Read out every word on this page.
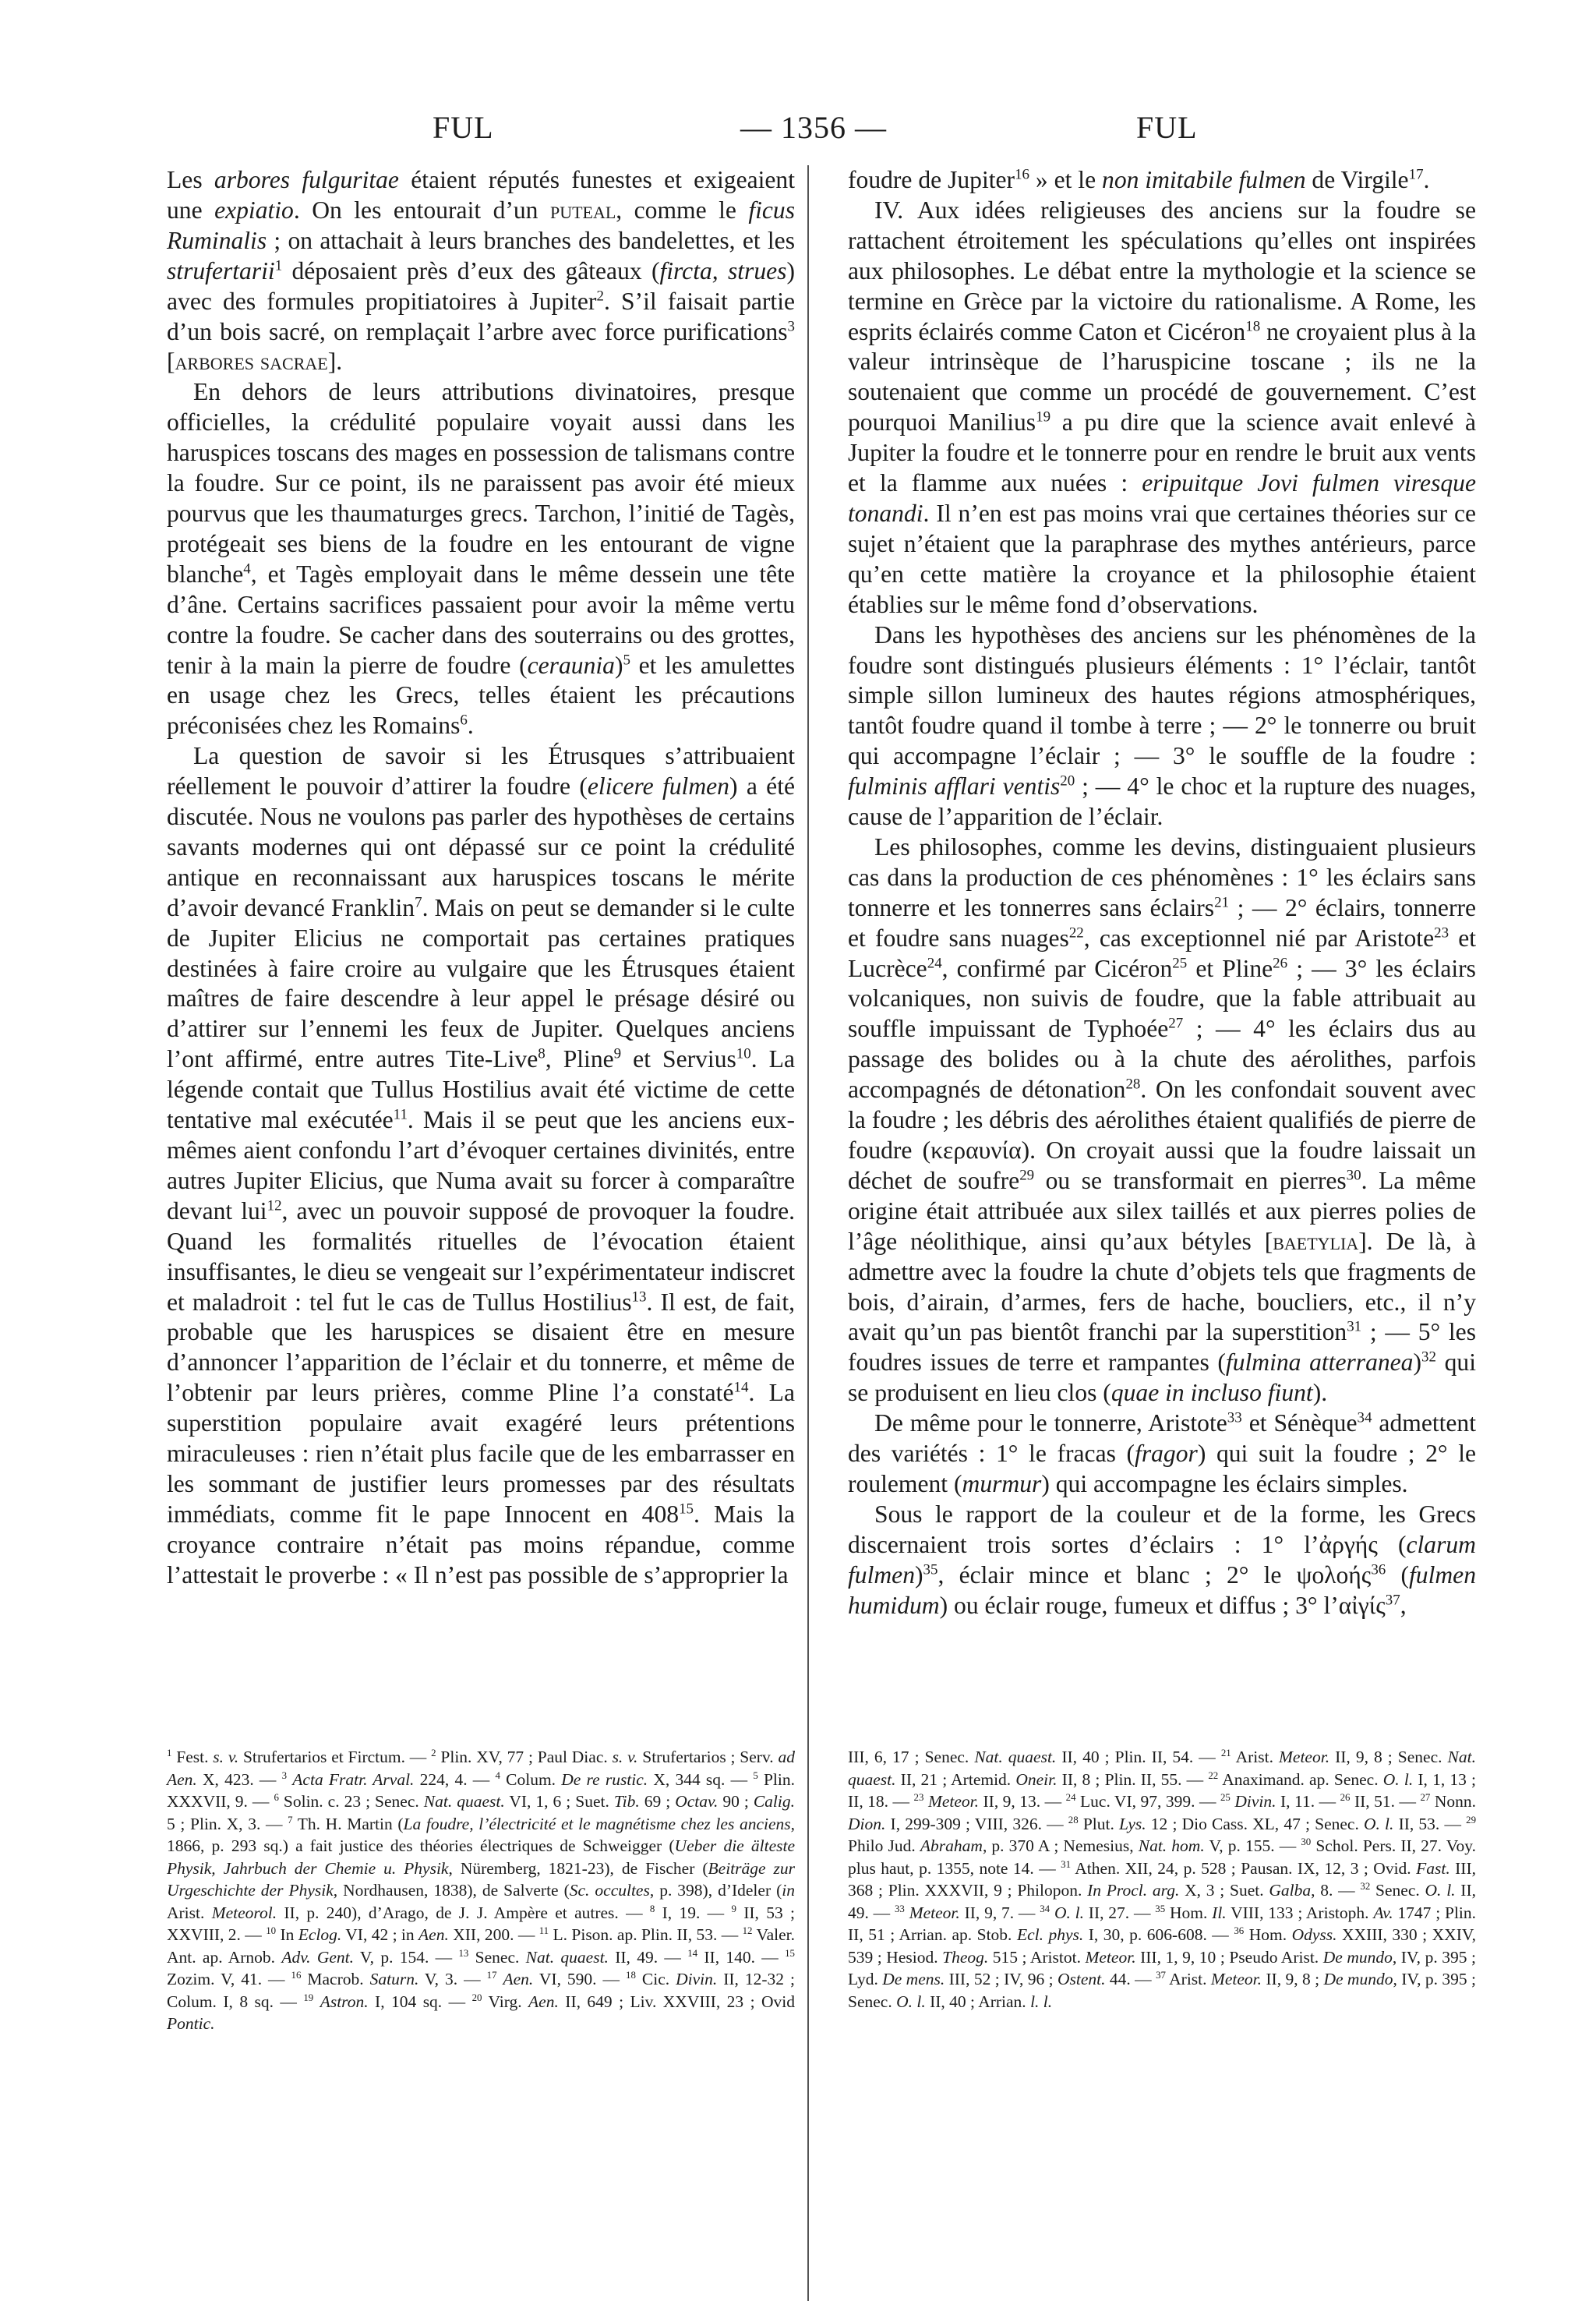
FUL	— 1356 —	FUL

Les arbores fulguritae étaient réputés funestes et exigeaient une expiatio. On les entourait d’un puteal, comme le ficus Ruminalis ; on attachait à leurs branches des bandelettes, et les strufertarii$^1$ déposaient près d’eux des gâteaux (fircta, strues) avec des formules propitiatoires à Jupiter$^2$. S’il faisait partie d’un bois sacré, on remplaçait l’arbre avec force purifications$^3$ [arbores sacrae].

En dehors de leurs attributions divinatoires, presque officielles, la crédulité populaire voyait aussi dans les haruspices toscans des mages en possession de talismans contre la foudre. Sur ce point, ils ne paraissent pas avoir été mieux pourvus que les thaumaturges grecs. Tarchon, l’initié de Tagès, protégeait ses biens de la foudre en les entourant de vigne blanche$^4$, et Tagès employait dans le même dessein une tête d’âne. Certains sacrifices passaient pour avoir la même vertu contre la foudre. Se cacher dans des souterrains ou des grottes, tenir à la main la pierre de foudre (ceraunia)$^5$ et les amulettes en usage chez les Grecs, telles étaient les précautions préconisées chez les Romains$^6$.

La question de savoir si les Étrusques s’attribuaient réellement le pouvoir d’attirer la foudre (elicere fulmen) a été discutée. Nous ne voulons pas parler des hypothèses de certains savants modernes qui ont dépassé sur ce point la crédulité antique en reconnaissant aux haruspices toscans le mérite d’avoir devancé Franklin$^7$. Mais on peut se demander si le culte de Jupiter Elicius ne comportait pas certaines pratiques destinées à faire croire au vulgaire que les Étrusques étaient maîtres de faire descendre à leur appel le présage désiré ou d’attirer sur l’ennemi les feux de Jupiter. Quelques anciens l’ont affirmé, entre autres Tite-Live$^8$, Pline$^9$ et Servius$^{10}$. La légende contait que Tullus Hostilius avait été victime de cette tentative mal exécutée$^{11}$. Mais il se peut que les anciens eux-mêmes aient confondu l’art d’évoquer certaines divinités, entre autres Jupiter Elicius, que Numa avait su forcer à comparaître devant lui$^{12}$, avec un pouvoir supposé de provoquer la foudre. Quand les formalités rituelles de l’évocation étaient insuffisantes, le dieu se vengeait sur l’expérimentateur indiscret et maladroit : tel fut le cas de Tullus Hostilius$^{13}$. Il est, de fait, probable que les haruspices se disaient être en mesure d’annoncer l’apparition de l’éclair et du tonnerre, et même de l’obtenir par leurs prières, comme Pline l’a constaté$^{14}$. La superstition populaire avait exagéré leurs prétentions miraculeuses : rien n’était plus facile que de les embarrasser en les sommant de justifier leurs promesses par des résultats immédiats, comme fit le pape Innocent en $408^{15}$. Mais la croyance contraire n’était pas moins répandue, comme l’attestait le proverbe : « Il n’est pas possible de s’approprier la

foudre de Jupiter$^{16}$ » et le non imitabile fulmen de Virgile$^{17}$.

IV. Aux idées religieuses des anciens sur la foudre se rattachent étroitement les spéculations qu’elles ont inspirées aux philosophes. Le débat entre la mythologie et la science se termine en Grèce par la victoire du rationalisme. A Rome, les esprits éclairés comme Caton et Cicéron$^{18}$ ne croyaient plus à la valeur intrinsèque de l’haruspicine toscane ; ils ne la soutenaient que comme un procédé de gouvernement. C’est pourquoi Manilius$^{19}$ a pu dire que la science avait enlevé à Jupiter la foudre et le tonnerre pour en rendre le bruit aux vents et la flamme aux nuées : eripuitque Jovi fulmen viresque tonandi. Il n’en est pas moins vrai que certaines théories sur ce sujet n’étaient que la paraphrase des mythes antérieurs, parce qu’en cette matière la croyance et la philosophie étaient établies sur le même fond d’observations.

Dans les hypothèses des anciens sur les phénomènes de la foudre sont distingués plusieurs éléments : 1° l’éclair, tantôt simple sillon lumineux des hautes régions atmosphériques, tantôt foudre quand il tombe à terre ; — 2° le tonnerre ou bruit qui accompagne l’éclair ; — 3° le souffle de la foudre : fulminis afflari ventis$^{20}$ ; — 4° le choc et la rupture des nuages, cause de l’apparition de l’éclair.

Les philosophes, comme les devins, distinguaient plusieurs cas dans la production de ces phénomènes : 1° les éclairs sans tonnerre et les tonnerres sans éclairs$^{21}$ ; — 2° éclairs, tonnerre et foudre sans nuages$^{22}$, cas exceptionnel nié par Aristote$^{23}$ et Lucrèce$^{24}$, confirmé par Cicéron$^{25}$ et Pline$^{26}$ ; — 3° les éclairs volcaniques, non suivis de foudre, que la fable attribuait au souffle impuissant de Typhoée$^{27}$ ; — 4° les éclairs dus au passage des bolides ou à la chute des aérolithes, parfois accompagnés de détonation$^{28}$. On les confondait souvent avec la foudre ; les débris des aérolithes étaient qualifiés de pierre de foudre (κεραυνία). On croyait aussi que la foudre laissait un déchet de soufre$^{29}$ ou se transformait en pierres$^{30}$. La même origine était attribuée aux silex taillés et aux pierres polies de l’âge néolithique, ainsi qu’aux bétyles [baetylia]. De là, à admettre avec la foudre la chute d’objets tels que fragments de bois, d’airain, d’armes, fers de hache, boucliers, etc., il n’y avait qu’un pas bientôt franchi par la superstition$^{31}$ ; — 5° les foudres issues de terre et rampantes (fulmina atterranea)$^{32}$ qui se produisent en lieu clos (quae in incluso fiunt).

De même pour le tonnerre, Aristote$^{33}$ et Sénèque$^{34}$ admettent des variétés : 1° le fracas (fragor) qui suit la foudre ; 2° le roulement (murmur) qui accompagne les éclairs simples.

Sous le rapport de la couleur et de la forme, les Grecs discernaient trois sortes d’éclairs : 1° l’ἀργής (clarum fulmen)$^{35}$, éclair mince et blanc ; 2° le ψολοής$^{36}$ (fulmen humidum) ou éclair rouge, fumeux et diffus ; 3° l’αἰγίς$^{37}$,

$^1$ Fest. s. v. Strufertarios et Firctum. — $^2$ Plin. XV, 77 ; Paul Diac. s. v. Strufertarios ; Serv. ad Aen. X, 423. — $^3$ Acta Fratr. Arval. 224, 4. — $^4$ Colum. De re rustic. X, 344 sq. — $^5$ Plin. XXXVII, 9. — $^6$ Solin. c. 23 ; Senec. Nat. quaest. VI, 1, 6 ; Suet. Tib. 69 ; Octav. 90 ; Calig. 5 ; Plin. X, 3. — $^7$ Th. H. Martin (La foudre, l’électricité et le magnétisme chez les anciens, 1866, p. 293 sq.) a fait justice des théories électriques de Schweigger (Ueber die älteste Physik, Jahrbuch der Chemie u. Physik, Nüremberg, 1821-23), de Fischer (Beiträge zur Urgeschichte der Physik, Nordhausen, 1838), de Salverte (Sc. occultes, p. 398), d’Ideler (in Arist. Meteorol. II, p. 240), d’Arago, de J. J. Ampère et autres. — $^8$ I, 19. — $^9$ II, 53 ; XXVIII, 2. — $^{10}$ In Eclog. VI, 42 ; in Aen. XII, 200. — $^{11}$ L. Pison. ap. Plin. II, 53. — $^{12}$ Valer. Ant. ap. Arnob. Adv. Gent. V, p. 154. — $^{13}$ Senec. Nat. quaest. II, 49. — $^{14}$ II, 140. — $^{15}$ Zozim. V, 41. — $^{16}$ Macrob. Saturn. V, 3. — $^{17}$ Aen. VI, 590. — $^{18}$ Cic. Divin. II, 12-32 ; Colum. I, 8 sq. — $^{19}$ Astron. I, 104 sq. — $^{20}$ Virg. Aen. II, 649 ; Liv. XXVIII, 23 ; Ovid Pontic.

III, 6, 17 ; Senec. Nat. quaest. II, 40 ; Plin. II, 54. — $^{21}$ Arist. Meteor. II, 9, 8 ; Senec. Nat. quaest. II, 21 ; Artemid. Oneir. II, 8 ; Plin. II, 55. — $^{22}$ Anaximand. ap. Senec. O. l. I, 1, 13 ; II, 18. — $^{23}$ Meteor. II, 9, 13. — $^{24}$ Luc. VI, 97, 399. — $^{25}$ Divin. I, 11. — $^{26}$ II, 51. — $^{27}$ Nonn. Dion. I, 299-309 ; VIII, 326. — $^{28}$ Plut. Lys. 12 ; Dio Cass. XL, 47 ; Senec. O. l. II, 53. — $^{29}$ Philo Jud. Abraham, p. 370 A ; Nemesius, Nat. hom. V, p. 155. — $^{30}$ Schol. Pers. II, 27. Voy. plus haut, p. 1355, note 14. — $^{31}$ Athen. XII, 24, p. 528 ; Pausan. IX, 12, 3 ; Ovid. Fast. III, 368 ; Plin. XXXVII, 9 ; Philopon. In Procl. arg. X, 3 ; Suet. Galba, 8. — $^{32}$ Senec. O. l. II, 49. — $^{33}$ Meteor. II, 9, 7. — $^{34}$ O. l. II, 27. — $^{35}$ Hom. Il. VIII, 133 ; Aristoph. Av. 1747 ; Plin. II, 51 ; Arrian. ap. Stob. Ecl. phys. I, 30, p. 606-608. — $^{36}$ Hom. Odyss. XXIII, 330 ; XXIV, 539 ; Hesiod. Theog. 515 ; Aristot. Meteor. III, 1, 9, 10 ; Pseudo Arist. De mundo, IV, p. 395 ; Lyd. De mens. III, 52 ; IV, 96 ; Ostent. 44. — $^{37}$ Arist. Meteor. II, 9, 8 ; De mundo, IV, p. 395 ; Senec. O. l. II, 40 ; Arrian. l. l.
